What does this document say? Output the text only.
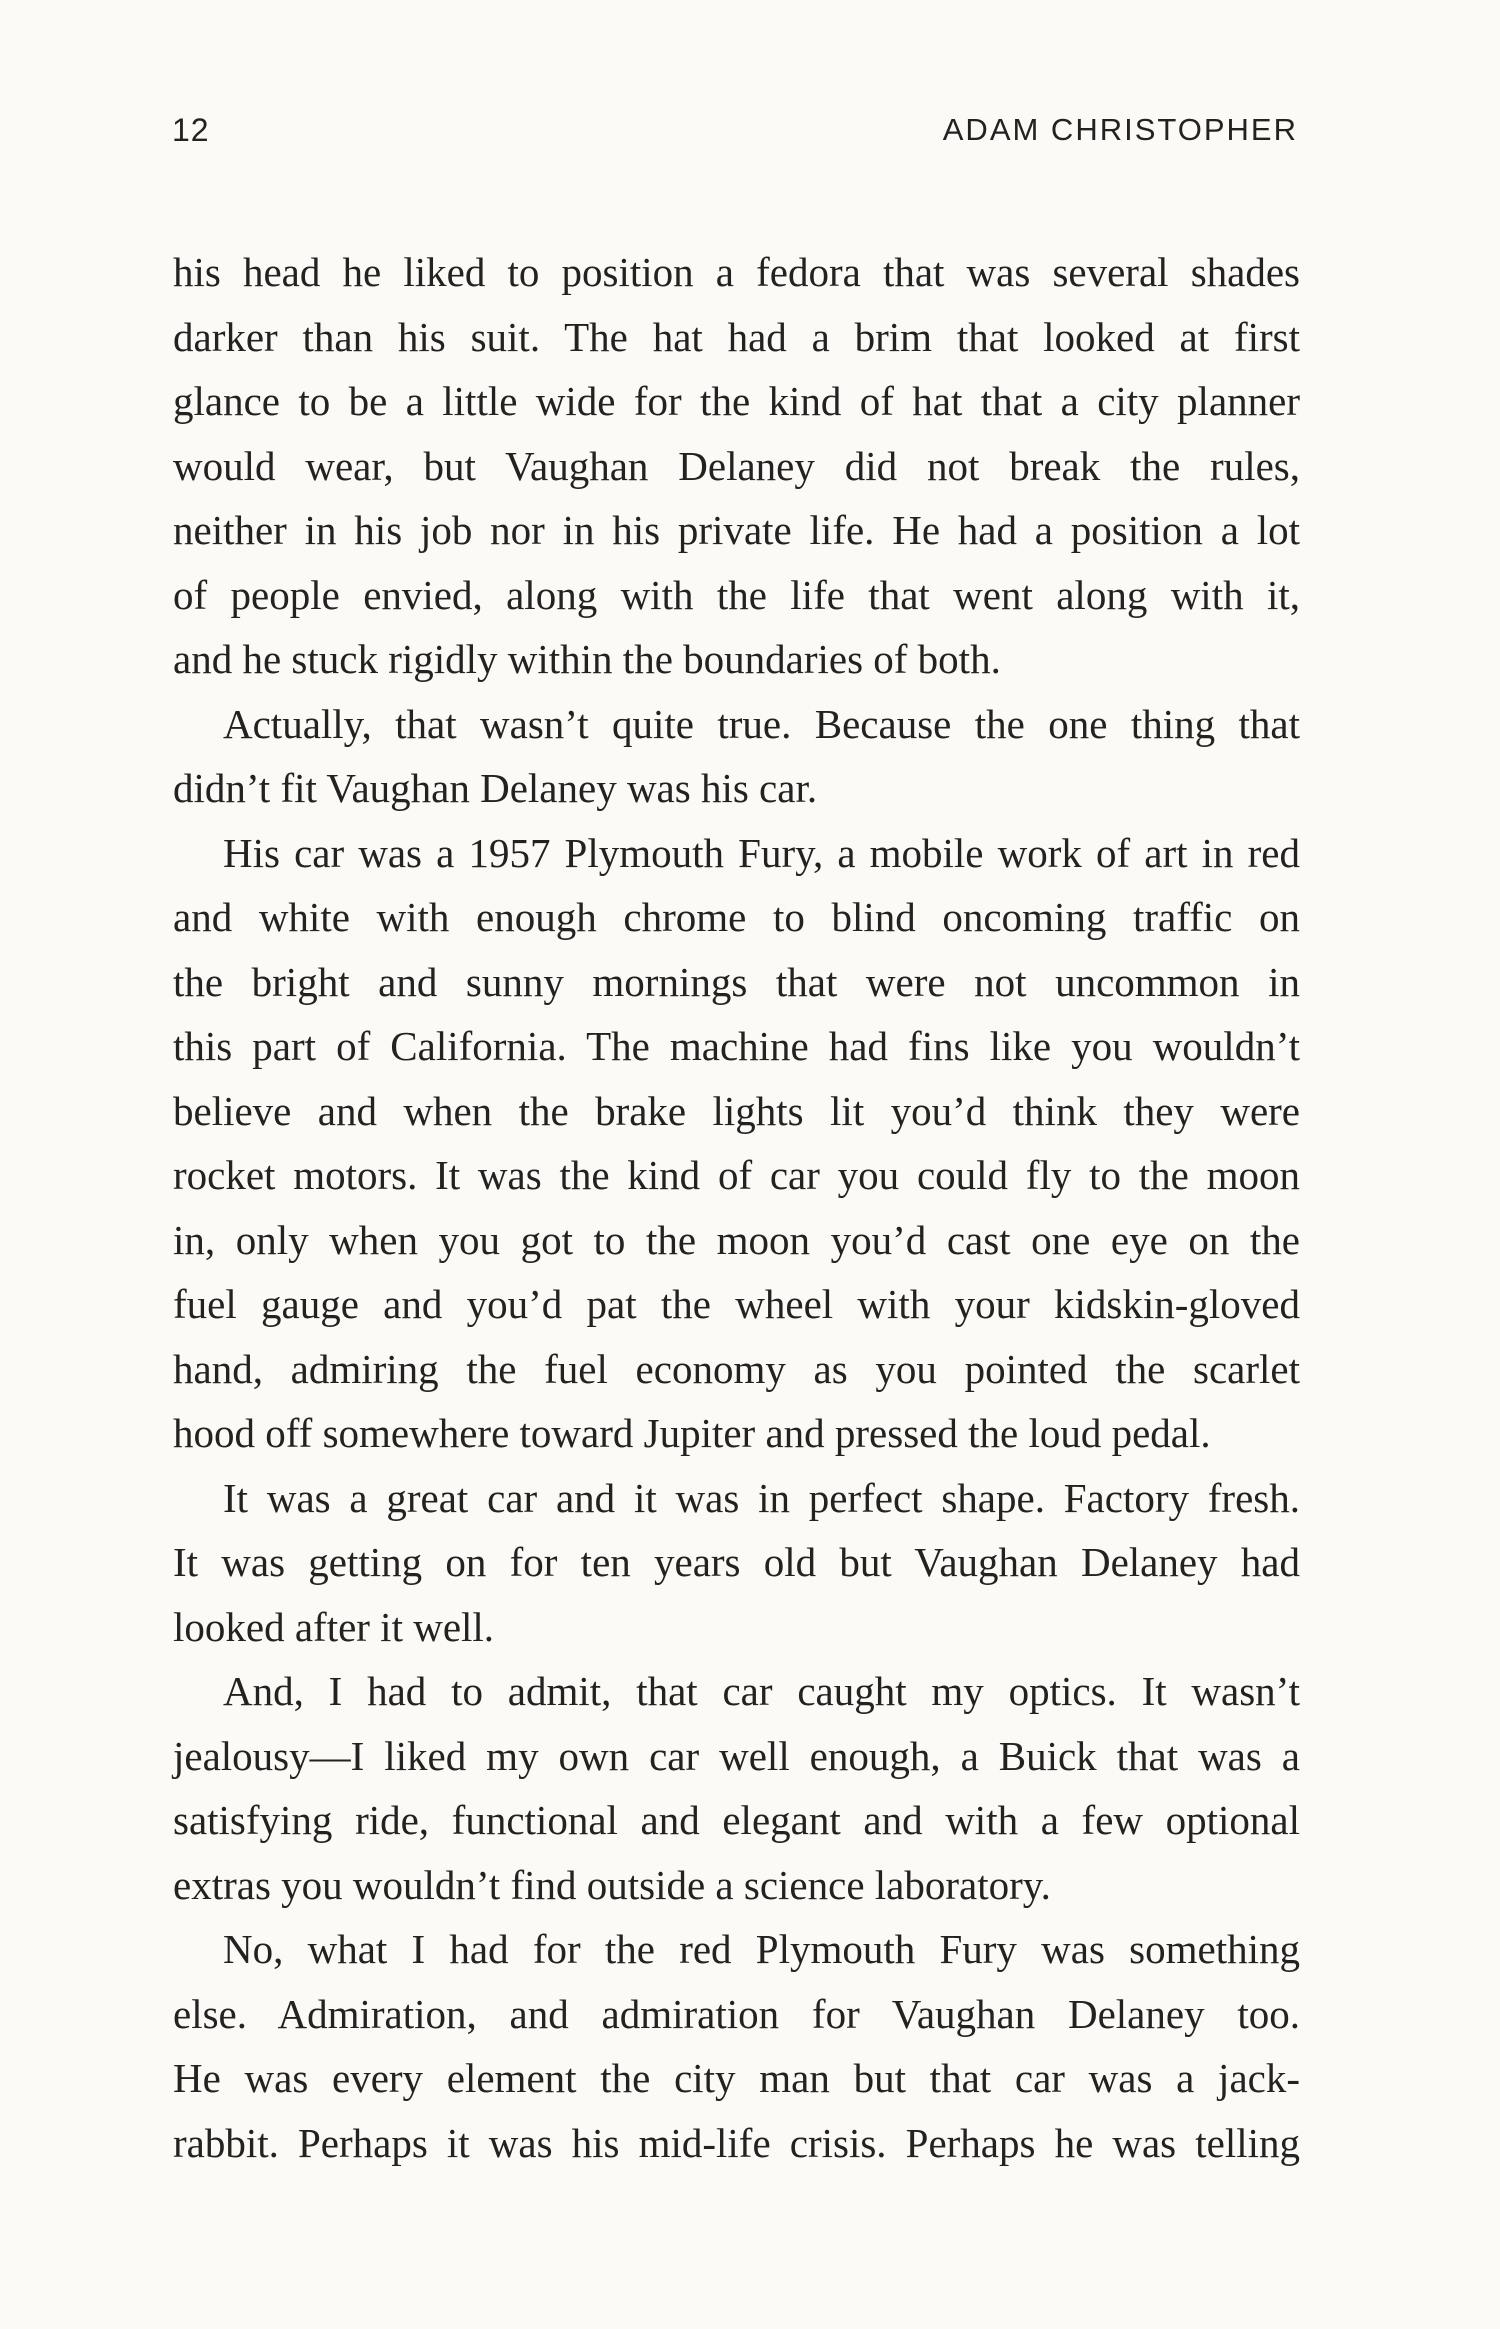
12	ADAM CHRISTOPHER
his head he liked to position a fedora that was several shades
darker than his suit. The hat had a brim that looked at first
glance to be a little wide for the kind of hat that a city planner
would wear, but Vaughan Delaney did not break the rules,
neither in his job nor in his private life. He had a position a lot
of people envied, along with the life that went along with it,
and he stuck rigidly within the boundaries of both.
Actually, that wasn’t quite true. Because the one thing that
didn’t fit Vaughan Delaney was his car.
His car was a 1957 Plymouth Fury, a mobile work of art in red
and white with enough chrome to blind oncoming traffic on
the bright and sunny mornings that were not uncommon in
this part of California. The machine had fins like you wouldn’t
believe and when the brake lights lit you’d think they were
rocket motors. It was the kind of car you could fly to the moon
in, only when you got to the moon you’d cast one eye on the
fuel gauge and you’d pat the wheel with your kidskin-gloved
hand, admiring the fuel economy as you pointed the scarlet
hood off somewhere toward Jupiter and pressed the loud pedal.
It was a great car and it was in perfect shape. Factory fresh.
It was getting on for ten years old but Vaughan Delaney had
looked after it well.
And, I had to admit, that car caught my optics. It wasn’t
jealousy—I liked my own car well enough, a Buick that was a
satisfying ride, functional and elegant and with a few optional
extras you wouldn’t find outside a science laboratory.
No, what I had for the red Plymouth Fury was something
else. Admiration, and admiration for Vaughan Delaney too.
He was every element the city man but that car was a jack-
rabbit. Perhaps it was his mid-life crisis. Perhaps he was telling
